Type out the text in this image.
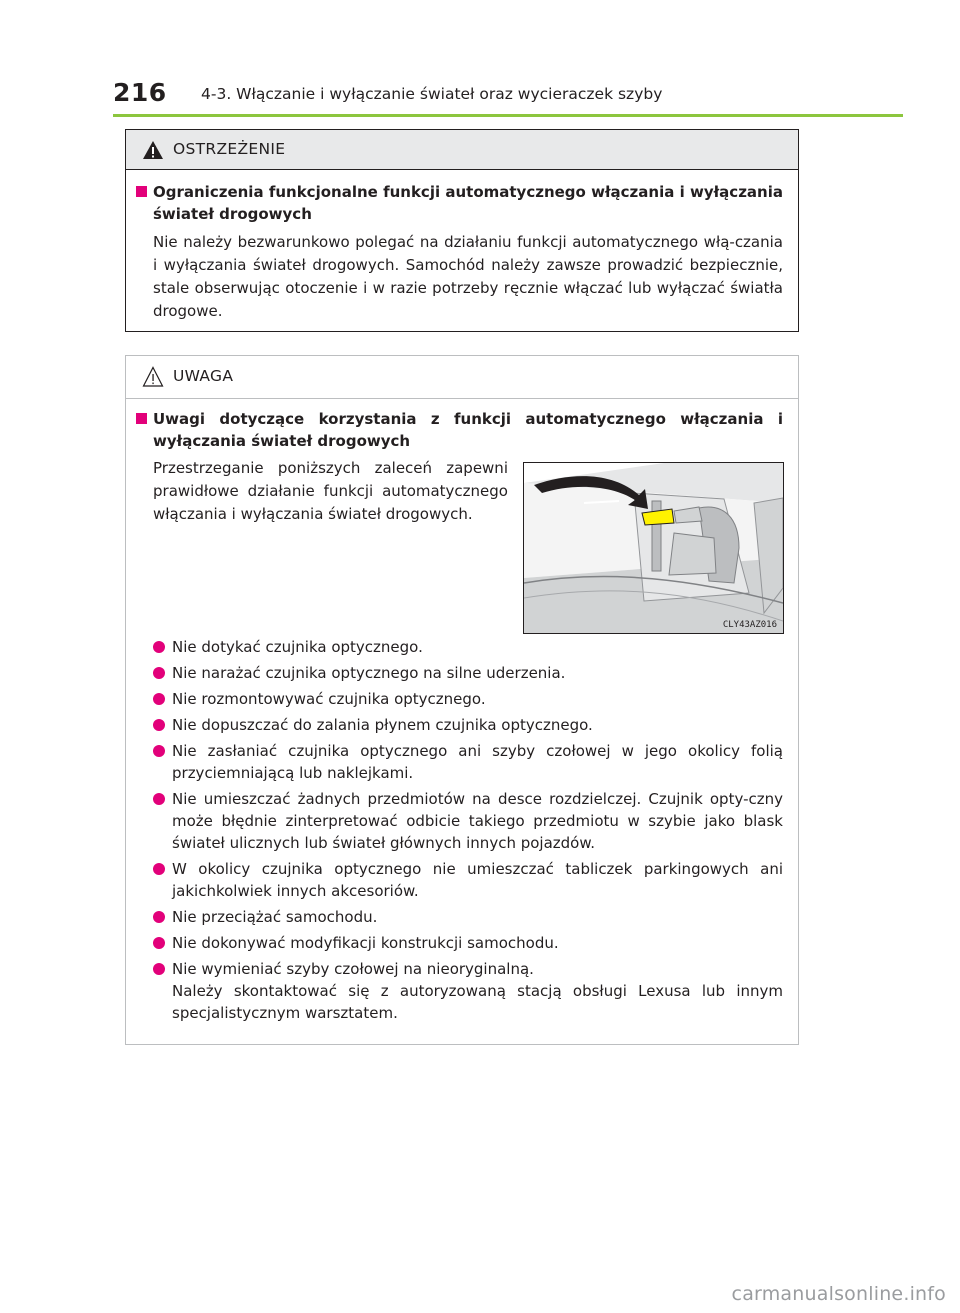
216 4-3. Włączanie i wyłączanie świateł oraz wycieraczek szyby
OSTRZEŻENIE
Ograniczenia funkcjonalne funkcji automatycznego włączania i wyłączania świateł drogowych
Nie należy bezwarunkowo polegać na działaniu funkcji automatycznego włą-czania i wyłączania świateł drogowych. Samochód należy zawsze prowadzić bezpiecznie, stale obserwując otoczenie i w razie potrzeby ręcznie włączać lub wyłączać światła drogowe.
UWAGA
Uwagi dotyczące korzystania z funkcji automatycznego włączania i wyłączania świateł drogowych
Przestrzeganie poniższych zaleceń zapewni prawidłowe działanie funkcji automatycznego włączania i wyłączania świateł drogowych.
CLY43AZ016
Nie dotykać czujnika optycznego.
Nie narażać czujnika optycznego na silne uderzenia.
Nie rozmontowywać czujnika optycznego.
Nie dopuszczać do zalania płynem czujnika optycznego.
Nie zasłaniać czujnika optycznego ani szyby czołowej w jego okolicy folią przyciemniającą lub naklejkami.
Nie umieszczać żadnych przedmiotów na desce rozdzielczej. Czujnik opty-czny może błędnie zinterpretować odbicie takiego przedmiotu w szybie jako blask świateł ulicznych lub świateł głównych innych pojazdów.
W okolicy czujnika optycznego nie umieszczać tabliczek parkingowych ani jakichkolwiek innych akcesoriów.
Nie przeciążać samochodu.
Nie dokonywać modyfikacji konstrukcji samochodu.
Nie wymieniać szyby czołowej na nieoryginalną.
Należy skontaktować się z autoryzowaną stacją obsługi Lexusa lub innym specjalistycznym warsztatem.
carmanualsonline.info
